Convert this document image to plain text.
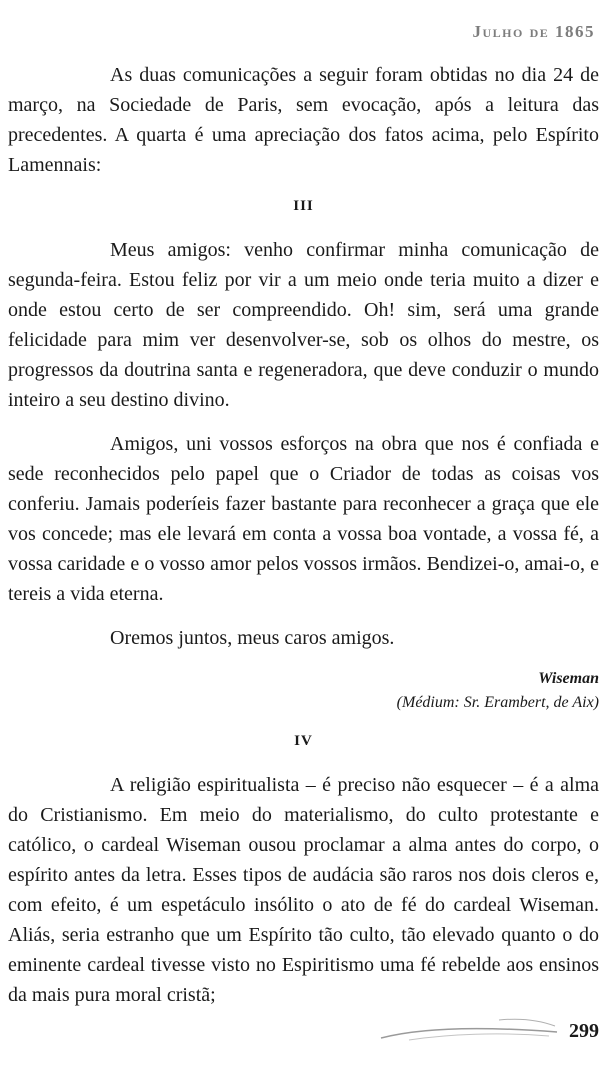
Julho de 1865

As duas comunicações a seguir foram obtidas no dia 24 de março, na Sociedade de Paris, sem evocação, após a leitura das precedentes. A quarta é uma apreciação dos fatos acima, pelo Espírito Lamennais:

III

Meus amigos: venho confirmar minha comunicação de segunda-feira. Estou feliz por vir a um meio onde teria muito a dizer e onde estou certo de ser compreendido. Oh! sim, será uma grande felicidade para mim ver desenvolver-se, sob os olhos do mestre, os progressos da doutrina santa e regeneradora, que deve conduzir o mundo inteiro a seu destino divino.

Amigos, uni vossos esforços na obra que nos é confiada e sede reconhecidos pelo papel que o Criador de todas as coisas vos conferiu. Jamais poderíeis fazer bastante para reconhecer a graça que ele vos concede; mas ele levará em conta a vossa boa vontade, a vossa fé, a vossa caridade e o vosso amor pelos vossos irmãos. Bendizei-o, amai-o, e tereis a vida eterna.

Oremos juntos, meus caros amigos.

Wiseman
(Médium: Sr. Erambert, de Aix)
IV

A religião espiritualista – é preciso não esquecer – é a alma do Cristianismo. Em meio do materialismo, do culto protestante e católico, o cardeal Wiseman ousou proclamar a alma antes do corpo, o espírito antes da letra. Esses tipos de audácia são raros nos dois cleros e, com efeito, é um espetáculo insólito o ato de fé do cardeal Wiseman. Aliás, seria estranho que um Espírito tão culto, tão elevado quanto o do eminente cardeal tivesse visto no Espiritismo uma fé rebelde aos ensinos da mais pura moral cristã;

299
